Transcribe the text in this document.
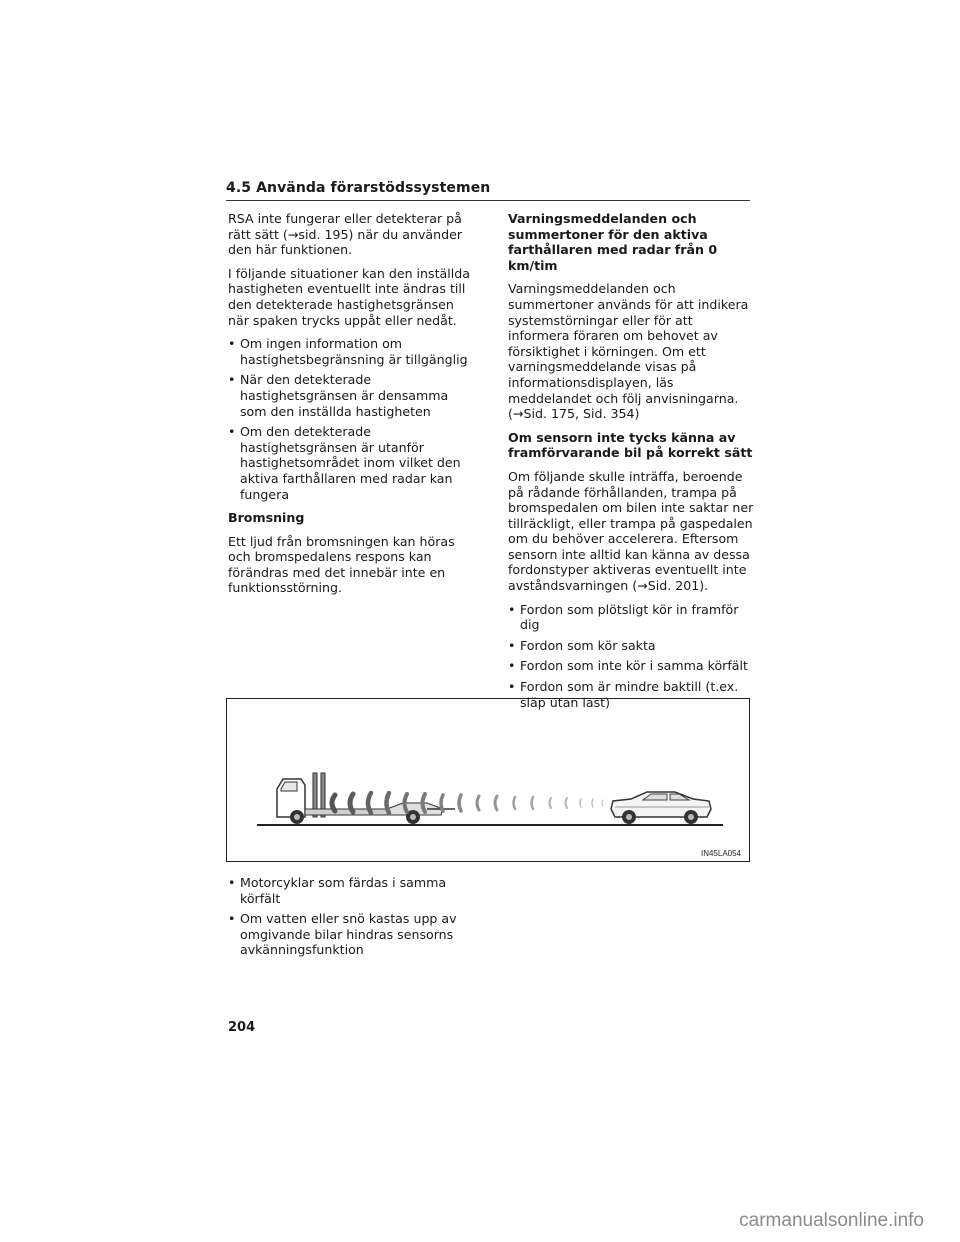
4.5 Använda förarstödssystemen

RSA inte fungerar eller detekterar på rätt sätt (→sid. 195) när du använder den här funktionen.

I följande situationer kan den inställda hastigheten eventuellt inte ändras till den detekterade hastighetsgränsen när spaken trycks uppåt eller nedåt.

• Om ingen information om hastighetsbegränsning är tillgänglig
• När den detekterade hastighetsgränsen är densamma som den inställda hastigheten
• Om den detekterade hastighetsgränsen är utanför hastighetsområdet inom vilket den aktiva farthållaren med radar kan fungera
Bromsning

Ett ljud från bromsningen kan höras och bromspedalens respons kan förändras med det innebär inte en funktionsstörning.

Varningsmeddelanden och summertoner för den aktiva farthållaren med radar från 0 km/tim

Varningsmeddelanden och summertoner används för att indikera systemstörningar eller för att informera föraren om behovet av försiktighet i körningen. Om ett varningsmeddelande visas på informationsdisplayen, läs meddelandet och följ anvisningarna. (→Sid. 175, Sid. 354)

Om sensorn inte tycks känna av framförvarande bil på korrekt sätt

Om följande skulle inträffa, beroende på rådande förhållanden, trampa på bromspedalen om bilen inte saktar ner tillräckligt, eller trampa på gaspedalen om du behöver accelerera. Eftersom sensorn inte alltid kan känna av dessa fordonstyper aktiveras eventuellt inte avståndsvarningen (→Sid. 201).

• Fordon som plötsligt kör in framför dig
• Fordon som kör sakta
• Fordon som inte kör i samma körfält
• Fordon som är mindre baktill (t.ex. släp utan last)
IN45LA054
• Motorcyklar som färdas i samma körfält
• Om vatten eller snö kastas upp av omgivande bilar hindras sensorns avkänningsfunktion
204
carmanualsonline.info
